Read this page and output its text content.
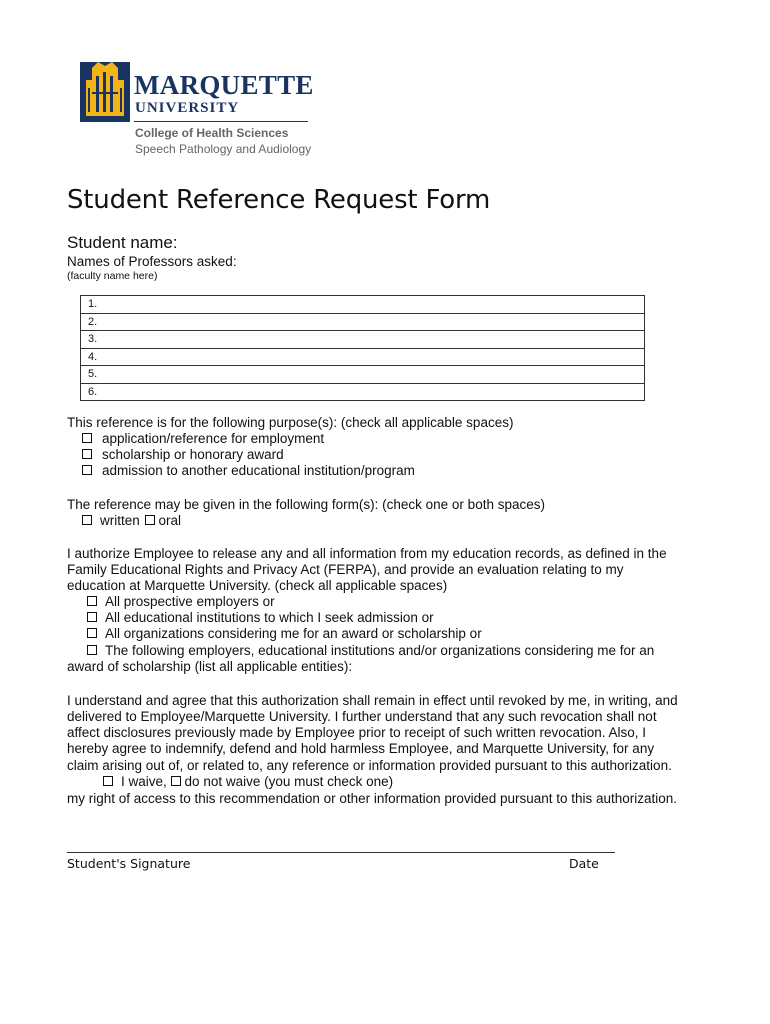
MARQUETTE
UNIVERSITY
College of Health Sciences
Speech Pathology and Audiology
Student Reference Request Form
Student name:
Names of Professors asked:
(faculty name here)
1.
2.
3.
4.
5.
6.
This reference is for the following purpose(s): (check all applicable spaces)
application/reference for employment
scholarship or honorary award
admission to another educational institution/program
The reference may be given in the following form(s): (check one or both spaces)
written oral
I authorize Employee to release any and all information from my education records, as defined in the
Family Educational Rights and Privacy Act (FERPA), and provide an evaluation relating to my
education at Marquette University. (check all applicable spaces)
All prospective employers or
All educational institutions to which I seek admission or
All organizations considering me for an award or scholarship or
The following employers, educational institutions and/or organizations considering me for an
award of scholarship (list all applicable entities):
I understand and agree that this authorization shall remain in effect until revoked by me, in writing, and
delivered to Employee/Marquette University. I further understand that any such revocation shall not
affect disclosures previously made by Employee prior to receipt of such written revocation. Also, I
hereby agree to indemnify, defend and hold harmless Employee, and Marquette University, for any
claim arising out of, or related to, any reference or information provided pursuant to this authorization.
I waive, do not waive (you must check one)
my right of access to this recommendation or other information provided pursuant to this authorization.
Student's Signature	Date
